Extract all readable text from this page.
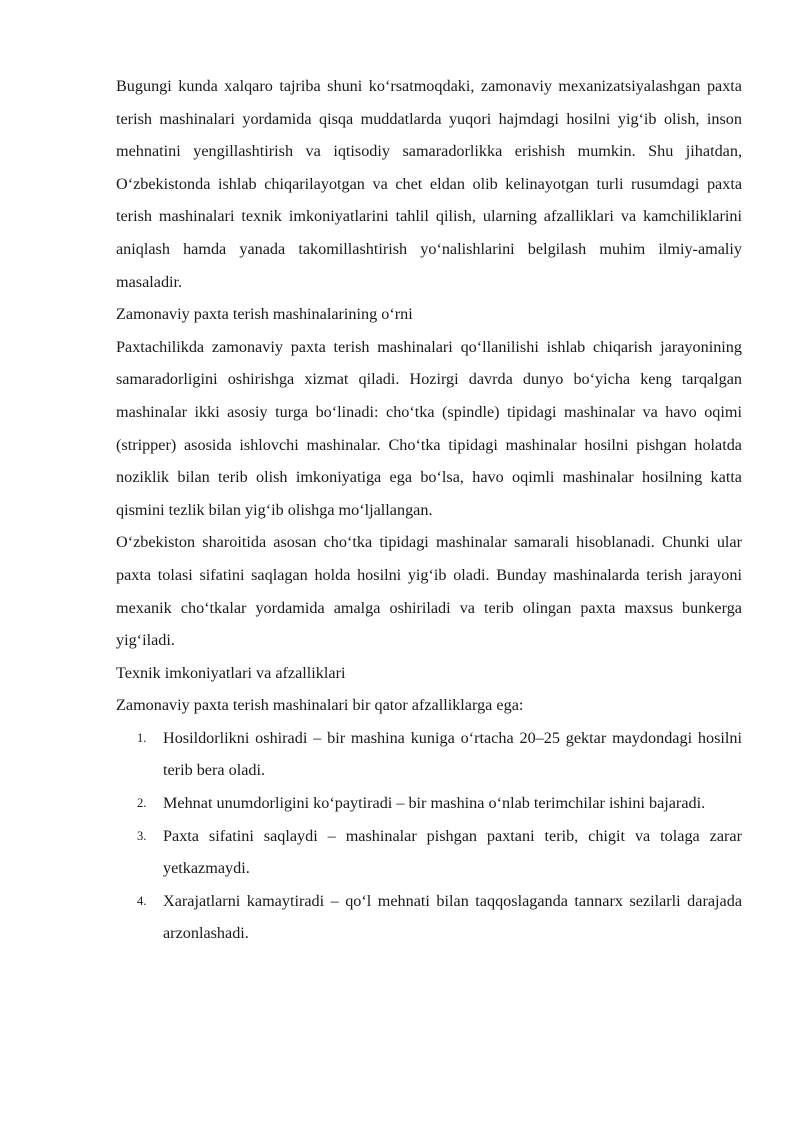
Bugungi kunda xalqaro tajriba shuni ko‘rsatmoqdaki, zamonaviy mexanizatsiyalashgan paxta terish mashinalari yordamida qisqa muddatlarda yuqori hajmdagi hosilni yig‘ib olish, inson mehnatini yengillashtirish va iqtisodiy samaradorlikka erishish mumkin. Shu jihatdan, O‘zbekistonda ishlab chiqarilayotgan va chet eldan olib kelinayotgan turli rusumdagi paxta terish mashinalari texnik imkoniyatlarini tahlil qilish, ularning afzalliklari va kamchiliklarini aniqlash hamda yanada takomillashtirish yo‘nalishlarini belgilash muhim ilmiy-amaliy masaladir.

Zamonaviy paxta terish mashinalarining o‘rni

Paxtachilikda zamonaviy paxta terish mashinalari qo‘llanilishi ishlab chiqarish jarayonining samaradorligini oshirishga xizmat qiladi. Hozirgi davrda dunyo bo‘yicha keng tarqalgan mashinalar ikki asosiy turga bo‘linadi: cho‘tka (spindle) tipidagi mashinalar va havo oqimi (stripper) asosida ishlovchi mashinalar. Cho‘tka tipidagi mashinalar hosilni pishgan holatda noziklik bilan terib olish imkoniyatiga ega bo‘lsa, havo oqimli mashinalar hosilning katta qismini tezlik bilan yig‘ib olishga mo‘ljallangan.

O‘zbekiston sharoitida asosan cho‘tka tipidagi mashinalar samarali hisoblanadi. Chunki ular paxta tolasi sifatini saqlagan holda hosilni yig‘ib oladi. Bunday mashinalarda terish jarayoni mexanik cho‘tkalar yordamida amalga oshiriladi va terib olingan paxta maxsus bunkerga yig‘iladi.

Texnik imkoniyatlari va afzalliklari

Zamonaviy paxta terish mashinalari bir qator afzalliklarga ega:

1. Hosildorlikni oshiradi – bir mashina kuniga o‘rtacha 20–25 gektar maydondagi hosilni terib bera oladi.
2. Mehnat unumdorligini ko‘paytiradi – bir mashina o‘nlab terimchilar ishini bajaradi.
3. Paxta sifatini saqlaydi – mashinalar pishgan paxtani terib, chigit va tolaga zarar yetkazmaydi.
4. Xarajatlarni kamaytiradi – qo‘l mehnati bilan taqqoslaganda tannarx sezilarli darajada arzonlashadi.
